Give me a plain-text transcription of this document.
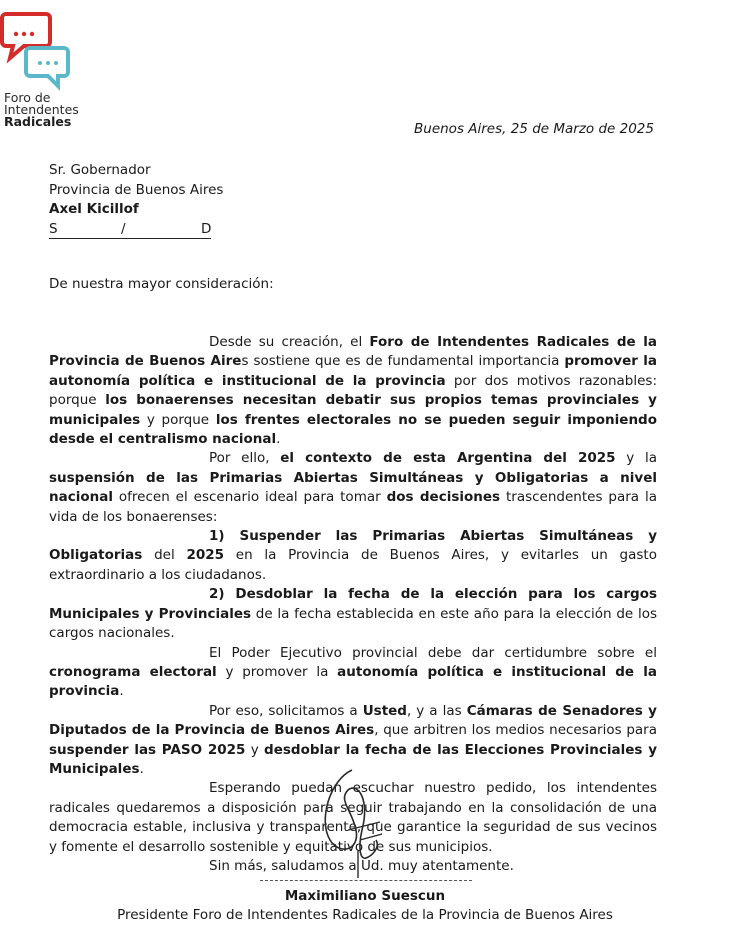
Foro de
Intendentes
Radicales	Buenos Aires, 25 de Marzo de 2025
Sr. Gobernador
Provincia de Buenos Aires
Axel Kicillof
S	/	D
De nuestra mayor consideración:

Desde su creación, el Foro de Intendentes Radicales de la Provincia de Buenos Aires sostiene que es de fundamental importancia promover la autonomía política e institucional de la provincia por dos motivos razonables: porque los bonaerenses necesitan debatir sus propios temas provinciales y municipales y porque los frentes electorales no se pueden seguir imponiendo desde el centralismo nacional.

Por ello, el contexto de esta Argentina del 2025 y la suspensión de las Primarias Abiertas Simultáneas y Obligatorias a nivel nacional ofrecen el escenario ideal para tomar dos decisiones trascendentes para la vida de los bonaerenses:

1) Suspender las Primarias Abiertas Simultáneas y Obligatorias del 2025 en la Provincia de Buenos Aires, y evitarles un gasto extraordinario a los ciudadanos.

2) Desdoblar la fecha de la elección para los cargos Municipales y Provinciales de la fecha establecida en este año para la elección de los cargos nacionales.

El Poder Ejecutivo provincial debe dar certidumbre sobre el cronograma electoral y promover la autonomía política e institucional de la provincia.

Por eso, solicitamos a Usted, y a las Cámaras de Senadores y Diputados de la Provincia de Buenos Aires, que arbitren los medios necesarios para suspender las PASO 2025 y desdoblar la fecha de las Elecciones Provinciales y Municipales.

Esperando puedan escuchar nuestro pedido, los intendentes radicales quedaremos a disposición para seguir trabajando en la consolidación de una democracia estable, inclusiva y transparente, que garantice la seguridad de sus vecinos y fomente el desarrollo sostenible y equitativo de sus municipios.

Sin más, saludamos a Ud. muy atentamente.

Maximiliano Suescun
Presidente Foro de Intendentes Radicales de la Provincia de Buenos Aires
